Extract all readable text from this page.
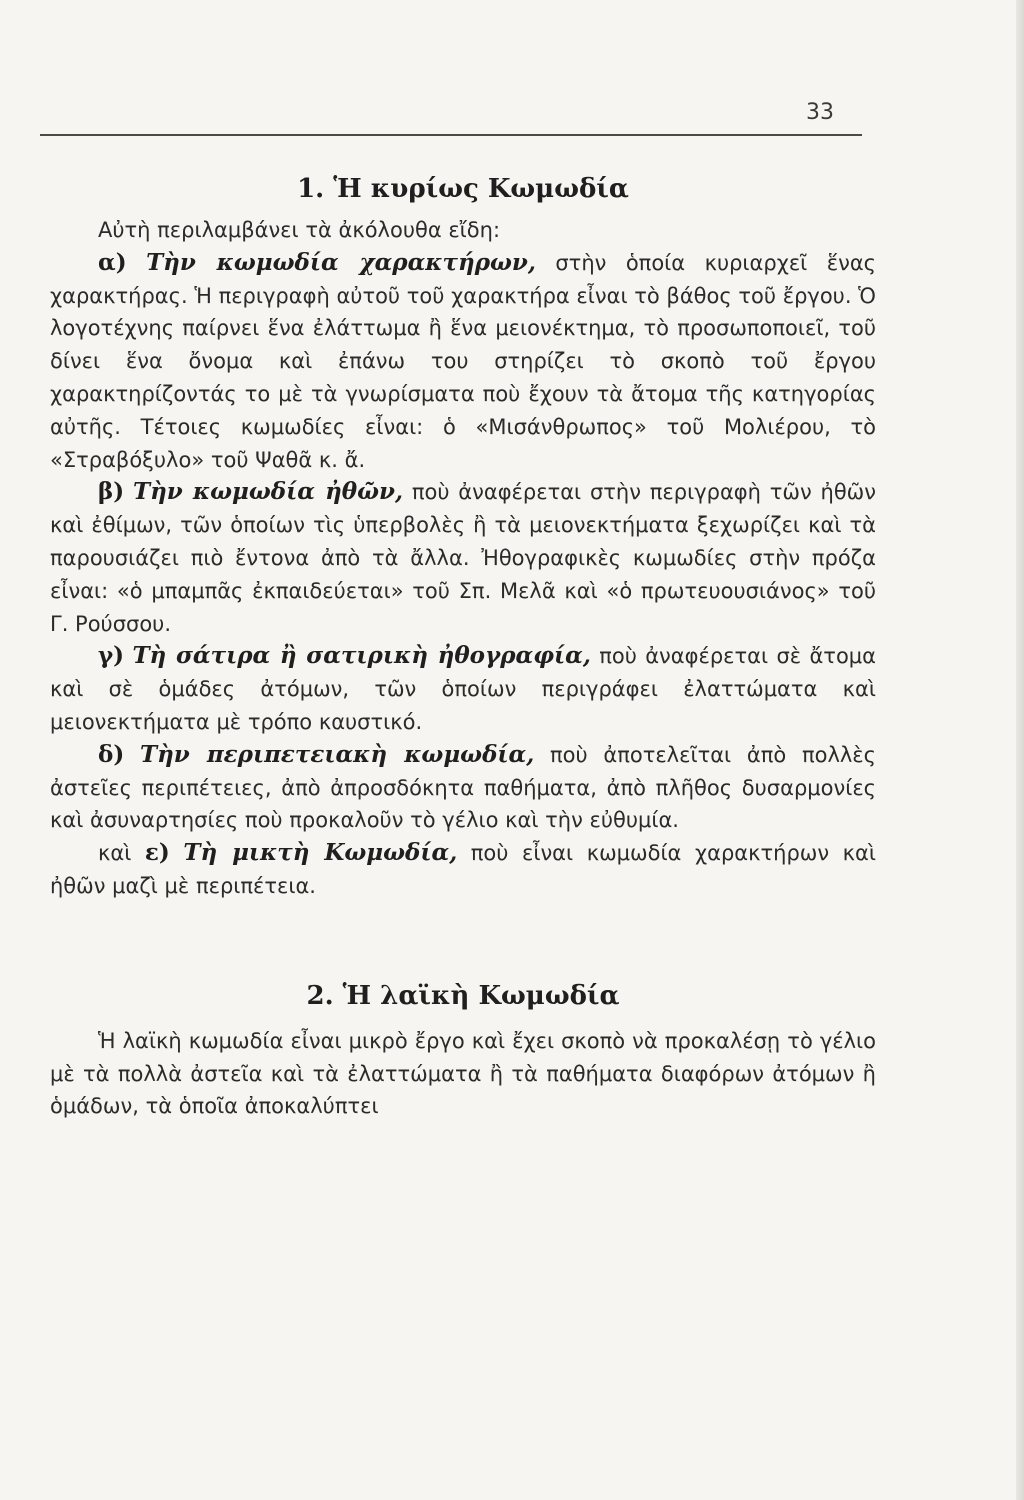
33
1. Ἡ κυρίως Κωμωδία

Αὐτὴ περιλαμβάνει τὰ ἀκόλουθα εἴδη:

α) Τὴν κωμωδία χαρακτήρων, στὴν ὁποία κυριαρχεῖ ἕνας χαρακτήρας. Ἡ περιγραφὴ αὐτοῦ τοῦ χαρακτήρα εἶναι τὸ βάθος τοῦ ἔργου. Ὁ λογοτέχνης παίρνει ἕνα ἐλάττωμα ἢ ἕνα μειονέκτημα, τὸ προσωποποιεῖ, τοῦ δίνει ἕνα ὄνομα καὶ ἐπάνω του στηρίζει τὸ σκοπὸ τοῦ ἔργου χαρακτηρίζοντάς το μὲ τὰ γνωρίσματα ποὺ ἔχουν τὰ ἄτομα τῆς κατηγορίας αὐτῆς. Τέτοιες κωμωδίες εἶναι: ὁ «Μισάνθρωπος» τοῦ Μολιέρου, τὸ «Στραβόξυλο» τοῦ Ψαθᾶ κ. ἄ.

β) Τὴν κωμωδία ἠθῶν, ποὺ ἀναφέρεται στὴν περιγραφὴ τῶν ἠθῶν καὶ ἐθίμων, τῶν ὁποίων τὶς ὑπερβολὲς ἢ τὰ μειονεκτήματα ξεχωρίζει καὶ τὰ παρουσιάζει πιὸ ἔντονα ἀπὸ τὰ ἄλλα. Ἠθογραφικὲς κωμωδίες στὴν πρόζα εἶναι: «ὁ μπαμπᾶς ἐκπαιδεύεται» τοῦ Σπ. Μελᾶ καὶ «ὁ πρωτευουσιάνος» τοῦ Γ. Ρούσσου.

γ) Τὴ σάτιρα ἢ σατιρικὴ ἠθογραφία, ποὺ ἀναφέρεται σὲ ἄτομα καὶ σὲ ὁμάδες ἀτόμων, τῶν ὁποίων περιγράφει ἐλαττώματα καὶ μειονεκτήματα μὲ τρόπο καυστικό.

δ) Τὴν περιπετειακὴ κωμωδία, ποὺ ἀποτελεῖται ἀπὸ πολλὲς ἀστεῖες περιπέτειες, ἀπὸ ἀπροσδόκητα παθήματα, ἀπὸ πλῆθος δυσαρμονίες καὶ ἀσυναρτησίες ποὺ προκαλοῦν τὸ γέλιο καὶ τὴν εὐθυμία.

καὶ ε) Τὴ μικτὴ Κωμωδία, ποὺ εἶναι κωμωδία χαρακτήρων καὶ ἠθῶν μαζὶ μὲ περιπέτεια.

2. Ἡ λαϊκὴ Κωμωδία

Ἡ λαϊκὴ κωμωδία εἶναι μικρὸ ἔργο καὶ ἔχει σκοπὸ νὰ προκαλέσῃ τὸ γέλιο μὲ τὰ πολλὰ ἀστεῖα καὶ τὰ ἐλαττώματα ἢ τὰ παθήματα διαφόρων ἀτόμων ἢ ὁμάδων, τὰ ὁποῖα ἀποκαλύπτει
